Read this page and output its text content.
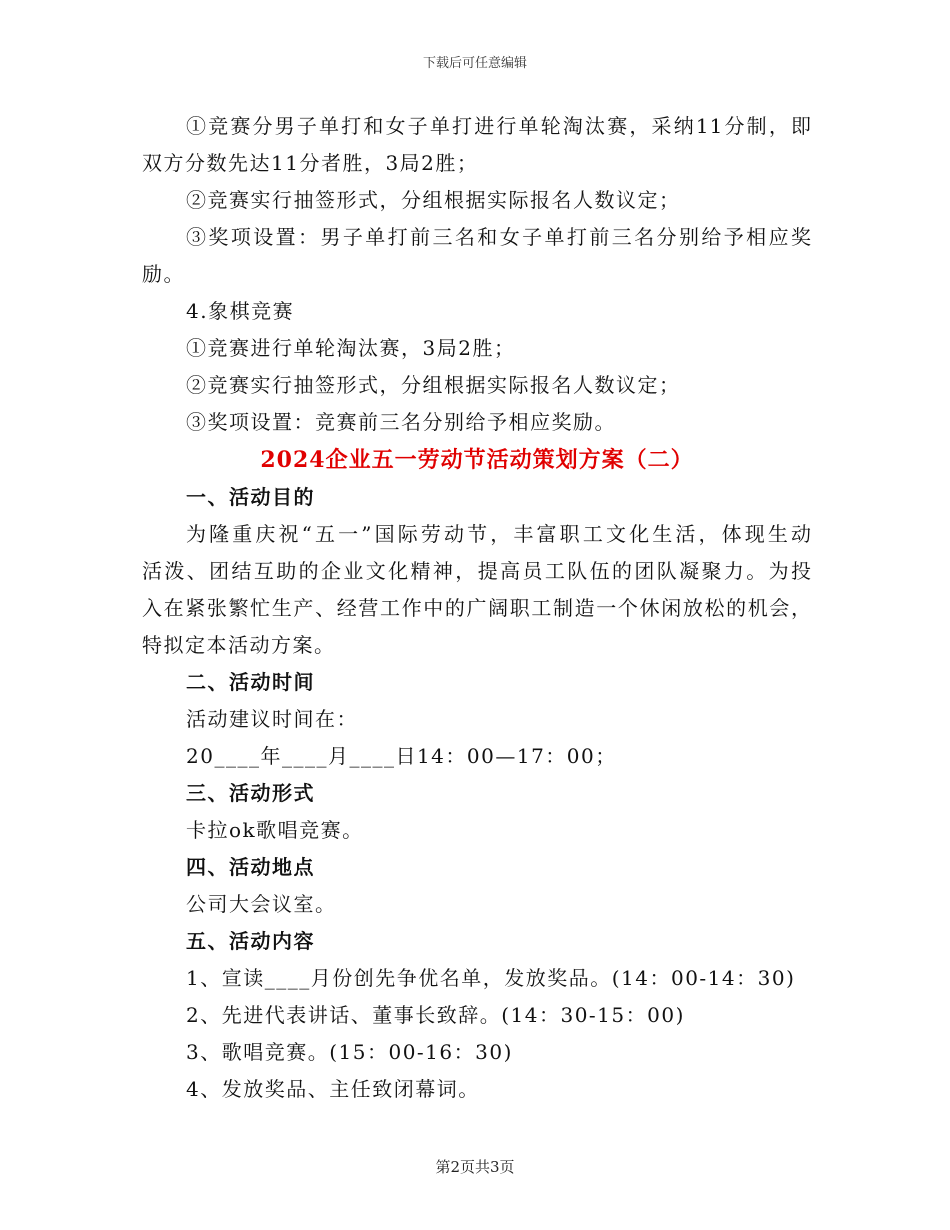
下载后可任意编辑
①竞赛分男子单打和女子单打进行单轮淘汰赛，采纳11分制，即
双方分数先达11分者胜，3局2胜；
②竞赛实行抽签形式，分组根据实际报名人数议定；
③奖项设置：男子单打前三名和女子单打前三名分别给予相应奖
励。
4.象棋竞赛
①竞赛进行单轮淘汰赛，3局2胜；
②竞赛实行抽签形式，分组根据实际报名人数议定；
③奖项设置：竞赛前三名分别给予相应奖励。
2024企业五一劳动节活动策划方案（二）
一、活动目的
为隆重庆祝“五一”国际劳动节，丰富职工文化生活，体现生动
活泼、团结互助的企业文化精神，提高员工队伍的团队凝聚力。为投
入在紧张繁忙生产、经营工作中的广阔职工制造一个休闲放松的机会，
特拟定本活动方案。
二、活动时间
活动建议时间在：
20____年____月____日14：00—17：00；
三、活动形式
卡拉ok歌唱竞赛。
四、活动地点
公司大会议室。
五、活动内容
1、宣读____月份创先争优名单，发放奖品。(14：00-14：30)
2、先进代表讲话、董事长致辞。(14：30-15：00)
3、歌唱竞赛。(15：00-16：30)
4、发放奖品、主任致闭幕词。
第2页共3页
